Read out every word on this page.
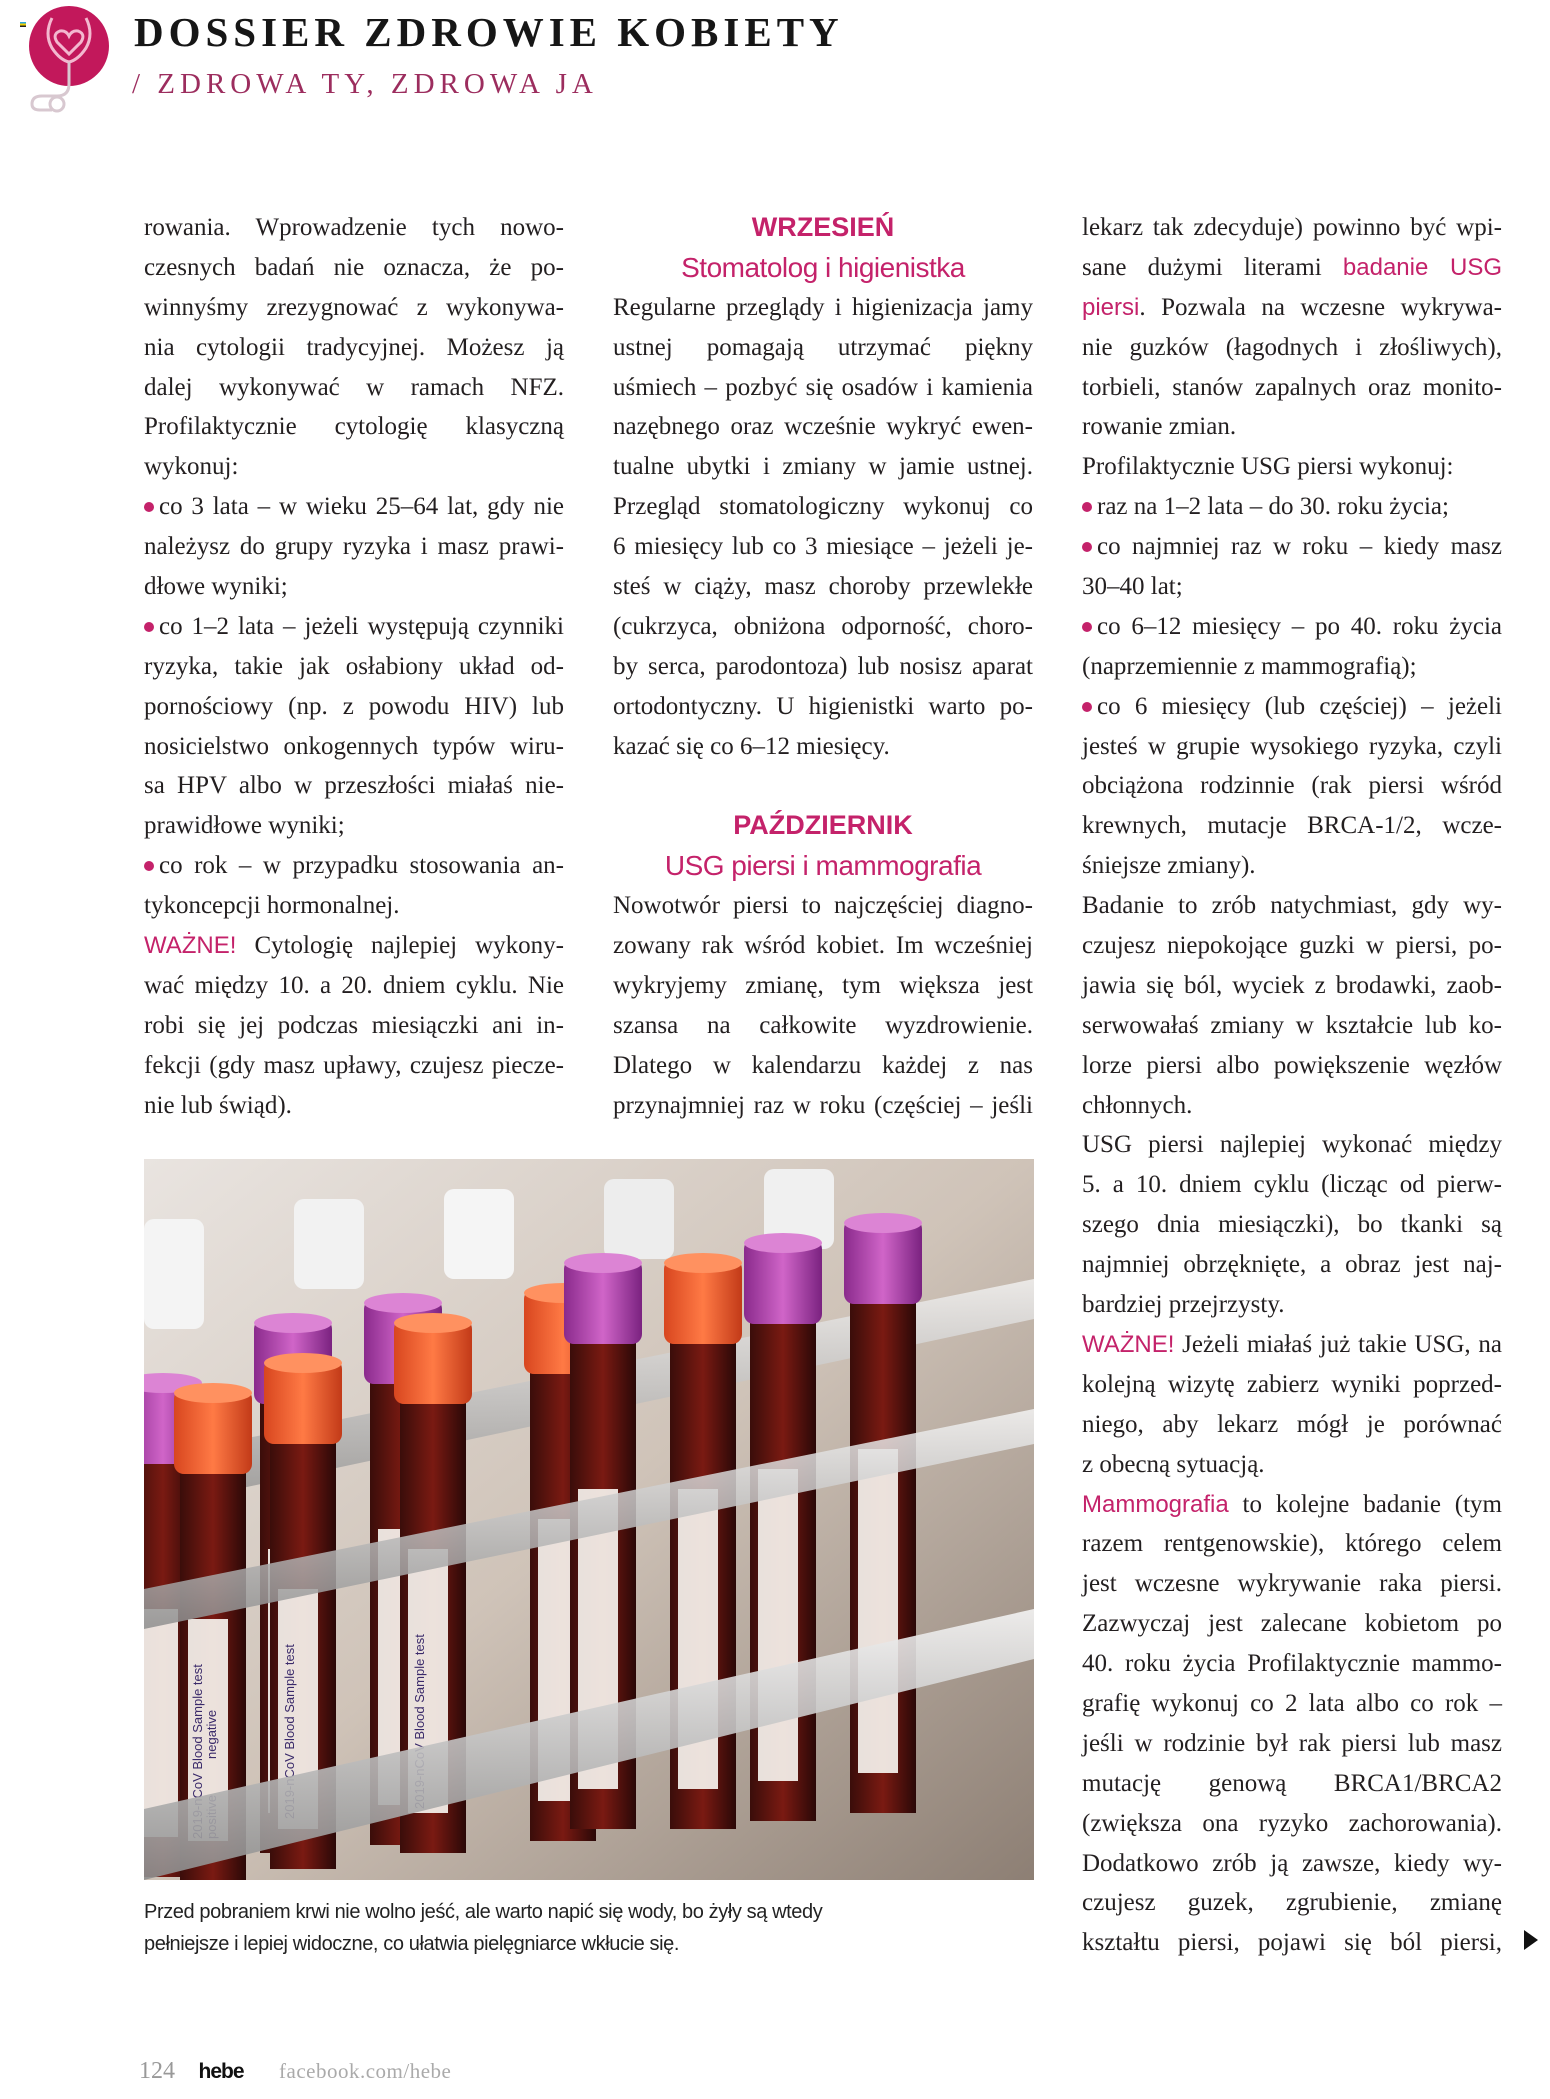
DOSSIER ZDROWIE KOBIETY
/ ZDROWA TY, ZDROWA JA
rowania. Wprowadzenie tych nowo-
czesnych badań nie oznacza, że po-
winnyśmy zrezygnować z wykonywa-
nia cytologii tradycyjnej. Możesz ją
dalej wykonywać w ramach NFZ.
Profilaktycznie cytologię klasyczną
wykonuj:
co 3 lata – w wieku 25–64 lat, gdy nie
należysz do grupy ryzyka i masz prawi-
dłowe wyniki;
co 1–2 lata – jeżeli występują czynniki
ryzyka, takie jak osłabiony układ od-
pornościowy (np. z powodu HIV) lub
nosicielstwo onkogennych typów wiru-
sa HPV albo w przeszłości miałaś nie-
prawidłowe wyniki;
co rok – w przypadku stosowania an-
tykoncepcji hormonalnej.
WAŻNE! Cytologię najlepiej wykony-
wać między 10. a 20. dniem cyklu. Nie
robi się jej podczas miesiączki ani in-
fekcji (gdy masz upławy, czujesz piecze-
nie lub świąd).
WRZESIEŃ
Stomatolog i higienistka
Regularne przeglądy i higienizacja jamy
ustnej pomagają utrzymać piękny
uśmiech – pozbyć się osadów i kamienia
nazębnego oraz wcześnie wykryć ewen-
tualne ubytki i zmiany w jamie ustnej.
Przegląd stomatologiczny wykonuj co
6 miesięcy lub co 3 miesiące – jeżeli je-
steś w ciąży, masz choroby przewlekłe
(cukrzyca, obniżona odporność, choro-
by serca, parodontoza) lub nosisz aparat
ortodontyczny. U higienistki warto po-
kazać się co 6–12 miesięcy.
PAŹDZIERNIK
USG piersi i mammografia
Nowotwór piersi to najczęściej diagno-
zowany rak wśród kobiet. Im wcześniej
wykryjemy zmianę, tym większa jest
szansa na całkowite wyzdrowienie.
Dlatego w kalendarzu każdej z nas
przynajmniej raz w roku (częściej – jeśli
lekarz tak zdecyduje) powinno być wpi-
sane dużymi literami badanie USG
piersi. Pozwala na wczesne wykrywa-
nie guzków (łagodnych i złośliwych),
torbieli, stanów zapalnych oraz monito-
rowanie zmian.
Profilaktycznie USG piersi wykonuj:
raz na 1–2 lata – do 30. roku życia;
co najmniej raz w roku – kiedy masz
30–40 lat;
co 6–12 miesięcy – po 40. roku życia
(naprzemiennie z mammografią);
co 6 miesięcy (lub częściej) – jeżeli
jesteś w grupie wysokiego ryzyka, czyli
obciążona rodzinnie (rak piersi wśród
krewnych, mutacje BRCA-1/2, wcze-
śniejsze zmiany).
Badanie to zrób natychmiast, gdy wy-
czujesz niepokojące guzki w piersi, po-
jawia się ból, wyciek z brodawki, zaob-
serwowałaś zmiany w kształcie lub ko-
lorze piersi albo powiększenie węzłów
chłonnych.
USG piersi najlepiej wykonać między
5. a 10. dniem cyklu (licząc od pierw-
szego dnia miesiączki), bo tkanki są
najmniej obrzęknięte, a obraz jest naj-
bardziej przejrzysty.
WAŻNE! Jeżeli miałaś już takie USG, na
kolejną wizytę zabierz wyniki poprzed-
niego, aby lekarz mógł je porównać
z obecną sytuacją.
Mammografia to kolejne badanie (tym
razem rentgenowskie), którego celem
jest wczesne wykrywanie raka piersi.
Zazwyczaj jest zalecane kobietom po
40. roku życia Profilaktycznie mammo-
grafię wykonuj co 2 lata albo co rok –
jeśli w rodzinie był rak piersi lub masz
mutację genową BRCA1/BRCA2
(zwiększa ona ryzyko zachorowania).
Dodatkowo zrób ją zawsze, kiedy wy-
czujesz guzek, zgrubienie, zmianę
kształtu piersi, pojawi się ból piersi,
2019-nCoV Blood Sample test negative	2019-nCoV Blood Sample test	2019-nCoV Blood Sample test
Przed pobraniem krwi nie wolno jeść, ale warto napić się wody, bo żyły są wtedy
pełniejsze i lepiej widoczne, co ułatwia pielęgniarce wkłucie się.
124 hebe facebook.com/hebe
